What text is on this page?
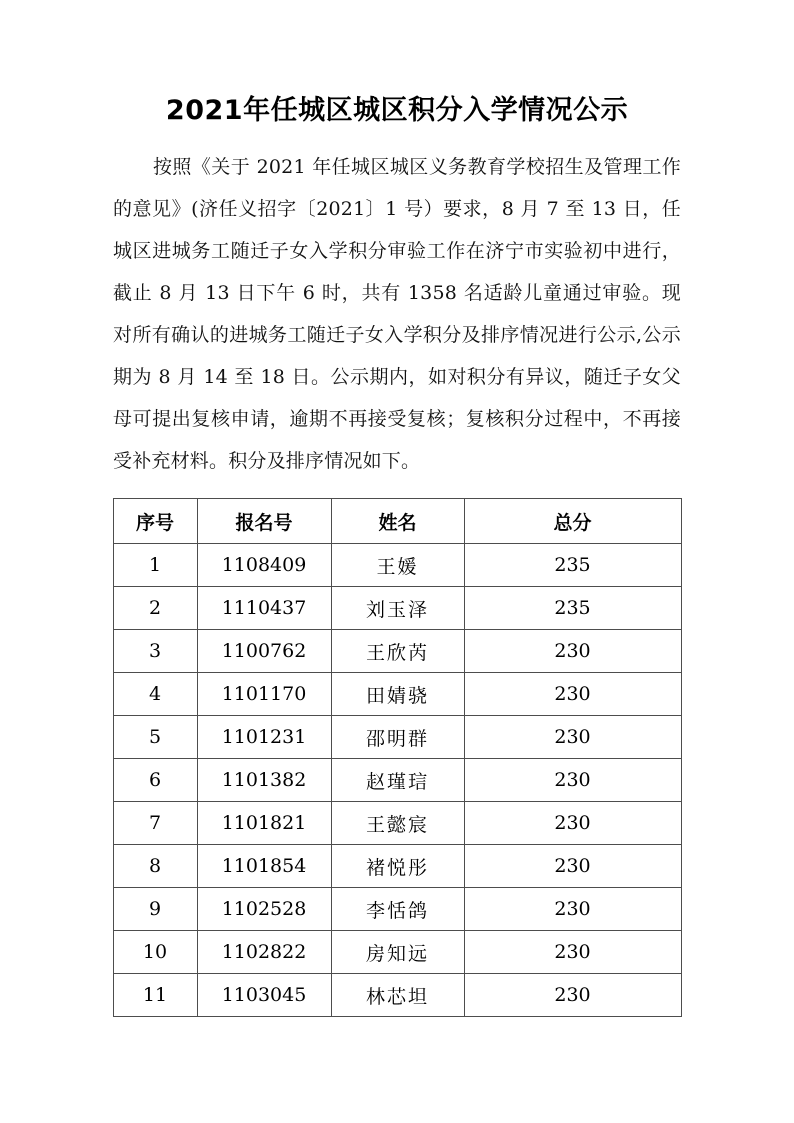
2021年任城区城区积分入学情况公示

按照《关于 2021 年任城区城区义务教育学校招生及管理工作的意见》(济任义招字〔2021〕1 号）要求，8 月 7 至 13 日，任城区进城务工随迁子女入学积分审验工作在济宁市实验初中进行，截止 8 月 13 日下午 6 时，共有 1358 名适龄儿童通过审验。现对所有确认的进城务工随迁子女入学积分及排序情况进行公示,公示期为 8 月 14 至 18 日。公示期内，如对积分有异议，随迁子女父母可提出复核申请，逾期不再接受复核；复核积分过程中，不再接受补充材料。积分及排序情况如下。

序号	报名号	姓名	总分
1	1108409	王媛	235
2	1110437	刘玉泽	235
3	1100762	王欣芮	230
4	1101170	田婧骁	230
5	1101231	邵明群	230
6	1101382	赵瑾琂	230
7	1101821	王懿宸	230
8	1101854	褚悦彤	230
9	1102528	李恬鸽	230
10	1102822	房知远	230
11	1103045	林芯坦	230
